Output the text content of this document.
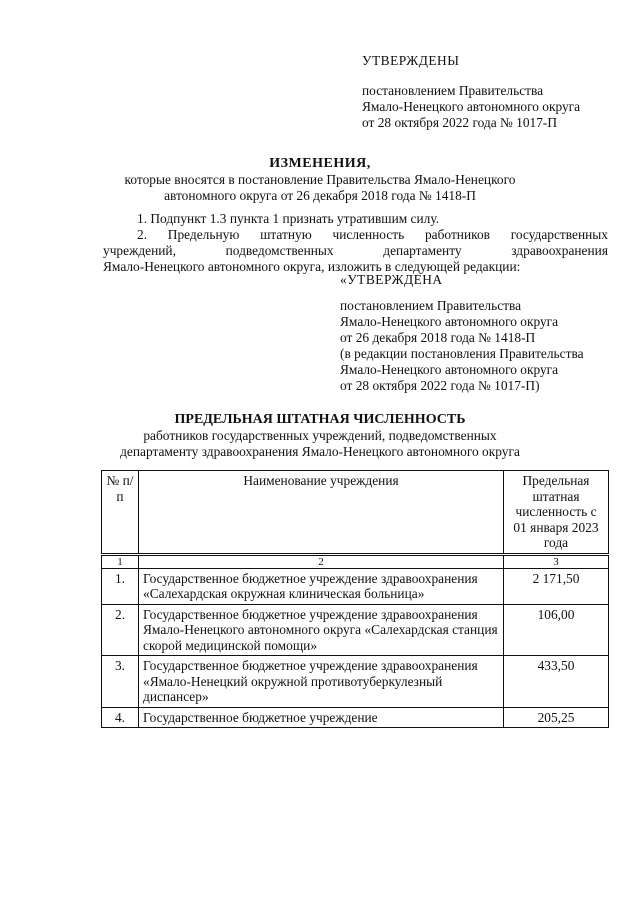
УТВЕРЖДЕНЫ
постановлением Правительства
Ямало-Ненецкого автономного округа
от 28 октября 2022 года № 1017-П
ИЗМЕНЕНИЯ,
которые вносятся в постановление Правительства Ямало-Ненецкого
автономного округа от 26 декабря 2018 года № 1418-П
1. Подпункт 1.3 пункта 1 признать утратившим силу.
2. Предельную штатную численность работников государственных
учреждений, подведомственных департаменту здравоохранения
Ямало-Ненецкого автономного округа, изложить в следующей редакции:
«УТВЕРЖДЕНА
постановлением Правительства
Ямало-Ненецкого автономного округа
от 26 декабря 2018 года № 1418-П
(в редакции постановления Правительства
Ямало-Ненецкого автономного округа
от 28 октября 2022 года № 1017-П)
ПРЕДЕЛЬНАЯ ШТАТНАЯ ЧИСЛЕННОСТЬ
работников государственных учреждений, подведомственных
департаменту здравоохранения Ямало-Ненецкого автономного округа
№ п/п	Наименование учреждения	Предельная штатная численность с 01 января 2023 года
1	2	3
1.	Государственное бюджетное учреждение здравоохранения «Салехардская окружная клиническая больница»	2 171,50
2.	Государственное бюджетное учреждение здравоохранения Ямало-Ненецкого автономного округа «Салехардская станция скорой медицинской помощи»	106,00
3.	Государственное бюджетное учреждение здравоохранения «Ямало-Ненецкий окружной противотуберкулезный диспансер»	433,50
4.	Государственное бюджетное учреждение	205,25
